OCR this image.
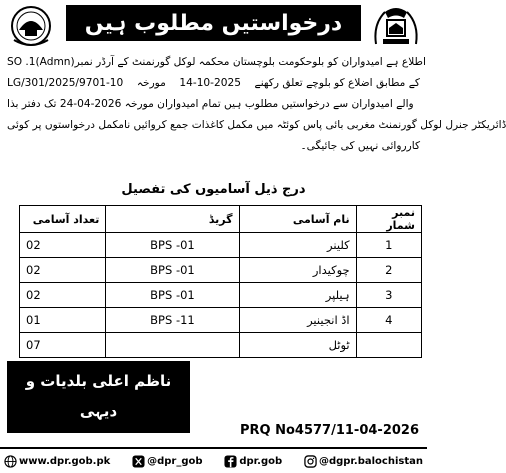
درخواستیں مطلوب ہیں
SO .1(Admn) اطلاع ہے امیدواران کو بلوحکومت بلوچستان محکمہ لوکل گورنمنٹ کے آرڈر نمبر
LG/301/2025/9701-10 مورخہ 14-10-2025 کے مطابق اضلاع کو بلوچے تعلق رکھنے
والے امیدواران سے درخواستیں مطلوب ہیں تمام امیدواران مورخہ

24-04-2026

تک دفتر بذا
ڈائریکٹر جنرل لوکل گورنمنٹ مغربی بائی پاس کوئٹہ میں مکمل کاغذات جمع کروائیں نامکمل درخواستوں پر کوئی
کارروائی نہیں کی جائیگی۔
درج ذیل آسامیوں کی تفصیل
نمبر شمار	نام آسامی	گریڈ	تعداد آسامی
1	کلینر	BPS -01	02
2	چوکیدار	BPS -01	02
3	ہیلپر	BPS -01	02
4	اڈ انجینیر	BPS -11	01
	ٹوٹل		07
ناظم اعلی بلدیات و دیہی
ترقی بلوچستان کوئٹہ
PRQ No4577/11-04-2026
www.dpr.gob.pk	@dpr_gob	dpr.gob	@dgpr.balochistan
